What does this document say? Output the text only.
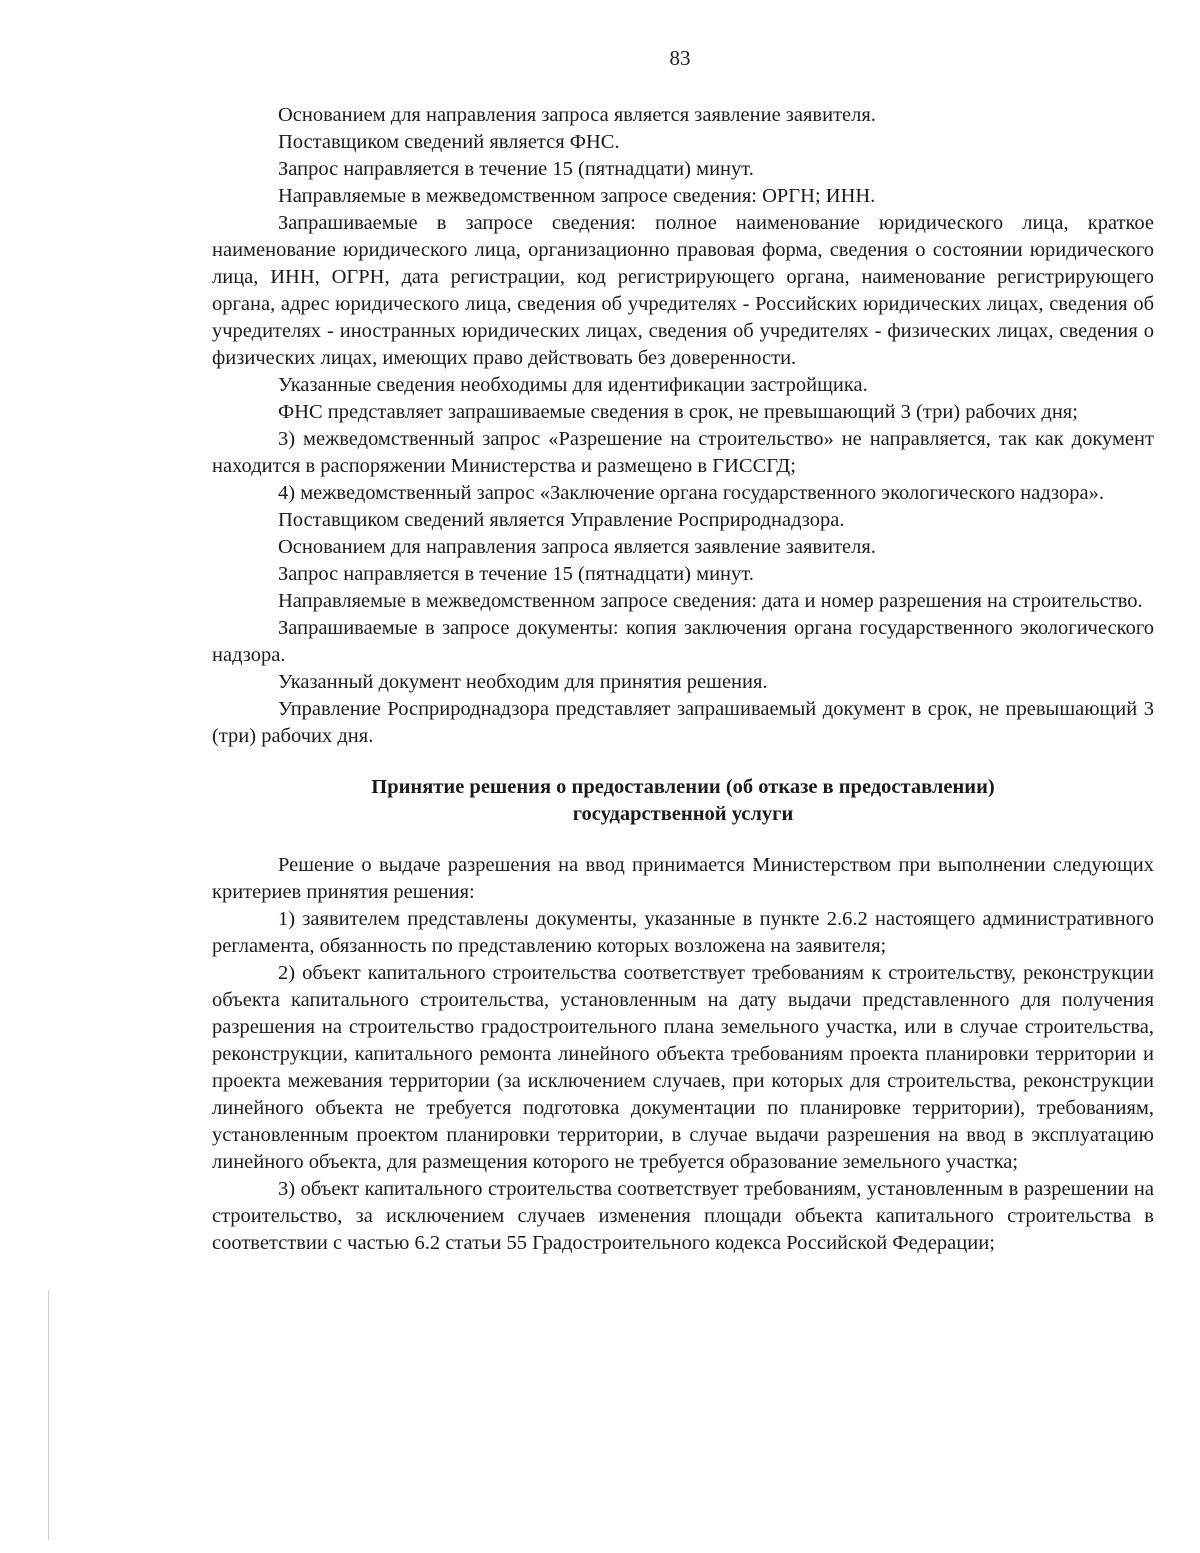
83

Основанием для направления запроса является заявление заявителя.

Поставщиком сведений является ФНС.

Запрос направляется в течение 15 (пятнадцати) минут.

Направляемые в межведомственном запросе сведения: ОРГН; ИНН.

Запрашиваемые в запросе сведения: полное наименование юридического лица, краткое наименование юридического лица, организационно правовая форма, сведения о состоянии юридического лица, ИНН, ОГРН, дата регистрации, код регистрирующего органа, наименование регистрирующего органа, адрес юридического лица, сведения об учредителях - Российских юридических лицах, сведения об учредителях - иностранных юридических лицах, сведения об учредителях - физических лицах, сведения о физических лицах, имеющих право действовать без доверенности.

Указанные сведения необходимы для идентификации застройщика.

ФНС представляет запрашиваемые сведения в срок, не превышающий 3 (три) рабочих дня;

3) межведомственный запрос «Разрешение на строительство» не направляется, так как документ находится в распоряжении Министерства и размещено в ГИССГД;

4) межведомственный запрос «Заключение органа государственного экологического надзора».

Поставщиком сведений является Управление Росприроднадзора.

Основанием для направления запроса является заявление заявителя.

Запрос направляется в течение 15 (пятнадцати) минут.

Направляемые в межведомственном запросе сведения: дата и номер разрешения на строительство.

Запрашиваемые в запросе документы: копия заключения органа государственного экологического надзора.

Указанный документ необходим для принятия решения.

Управление Росприроднадзора представляет запрашиваемый документ в срок, не превышающий 3 (три) рабочих дня.

Принятие решения о предоставлении (об отказе в предоставлении)
государственной услуги

Решение о выдаче разрешения на ввод принимается Министерством при выполнении следующих критериев принятия решения:

1) заявителем представлены документы, указанные в пункте 2.6.2 настоящего административного регламента, обязанность по представлению которых возложена на заявителя;

2) объект капитального строительства соответствует требованиям к строительству, реконструкции объекта капитального строительства, установленным на дату выдачи представленного для получения разрешения на строительство градостроительного плана земельного участка, или в случае строительства, реконструкции, капитального ремонта линейного объекта требованиям проекта планировки территории и проекта межевания территории (за исключением случаев, при которых для строительства, реконструкции линейного объекта не требуется подготовка документации по планировке территории), требованиям, установленным проектом планировки территории, в случае выдачи разрешения на ввод в эксплуатацию линейного объекта, для размещения которого не требуется образование земельного участка;

3) объект капитального строительства соответствует требованиям, установленным в разрешении на строительство, за исключением случаев изменения площади объекта капитального строительства в соответствии с частью 6.2 статьи 55 Градостроительного кодекса Российской Федерации;
